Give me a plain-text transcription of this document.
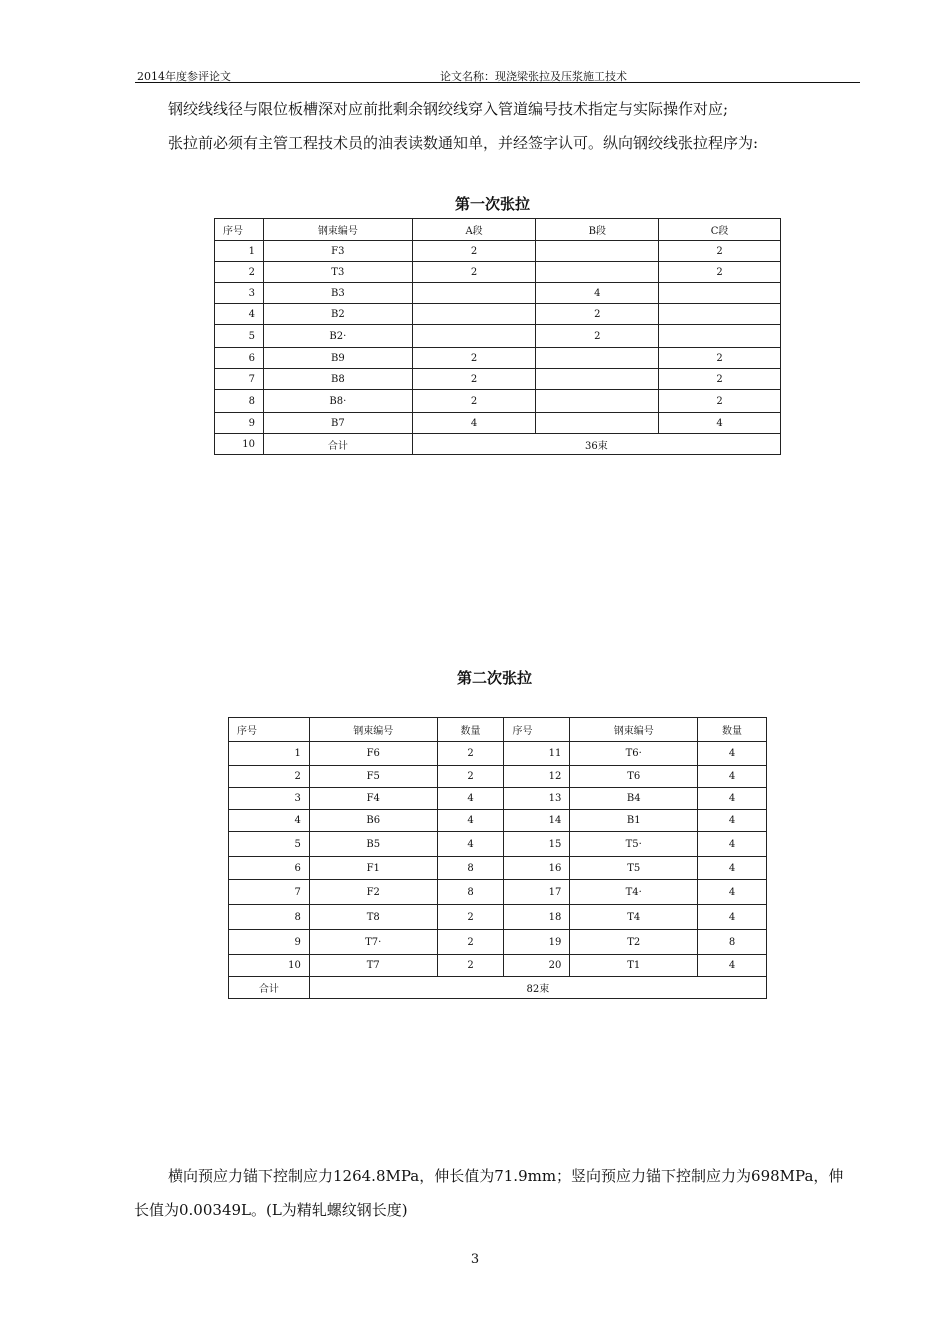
2014年度参评论文	论文名称：现浇梁张拉及压浆施工技术
钢绞线线径与限位板槽深对应前批剩余钢绞线穿入管道编号技术指定与实际操作对应;
张拉前必须有主管工程技术员的油表读数通知单，并经签字认可。纵向钢绞线张拉程序为:
第一次张拉
序号	钢束编号	A段	B段	C段
1	F3	2		2
2	T3	2		2
3	B3		4	
4	B2		2	
5	B2·		2	
6	B9	2		2
7	B8	2		2
8	B8·	2		2
9	B7	4		4
10	合计	36束		
第二次张拉
序号	钢束编号	数量	序号	钢束编号	数量
1	F6	2	11	T6·	4
2	F5	2	12	T6	4
3	F4	4	13	B4	4
4	B6	4	14	B1	4
5	B5	4	15	T5·	4
6	F1	8	16	T5	4
7	F2	8	17	T4·	4
8	T8	2	18	T4	4
9	T7·	2	19	T2	8
10	T7	2	20	T1	4
合计	82束				
横向预应力锚下控制应力1264.8MPa，伸长值为71.9mm；竖向预应力锚下控制应力为698MPa，伸
长值为0.00349L。(L为精轧螺纹钢长度)
3
